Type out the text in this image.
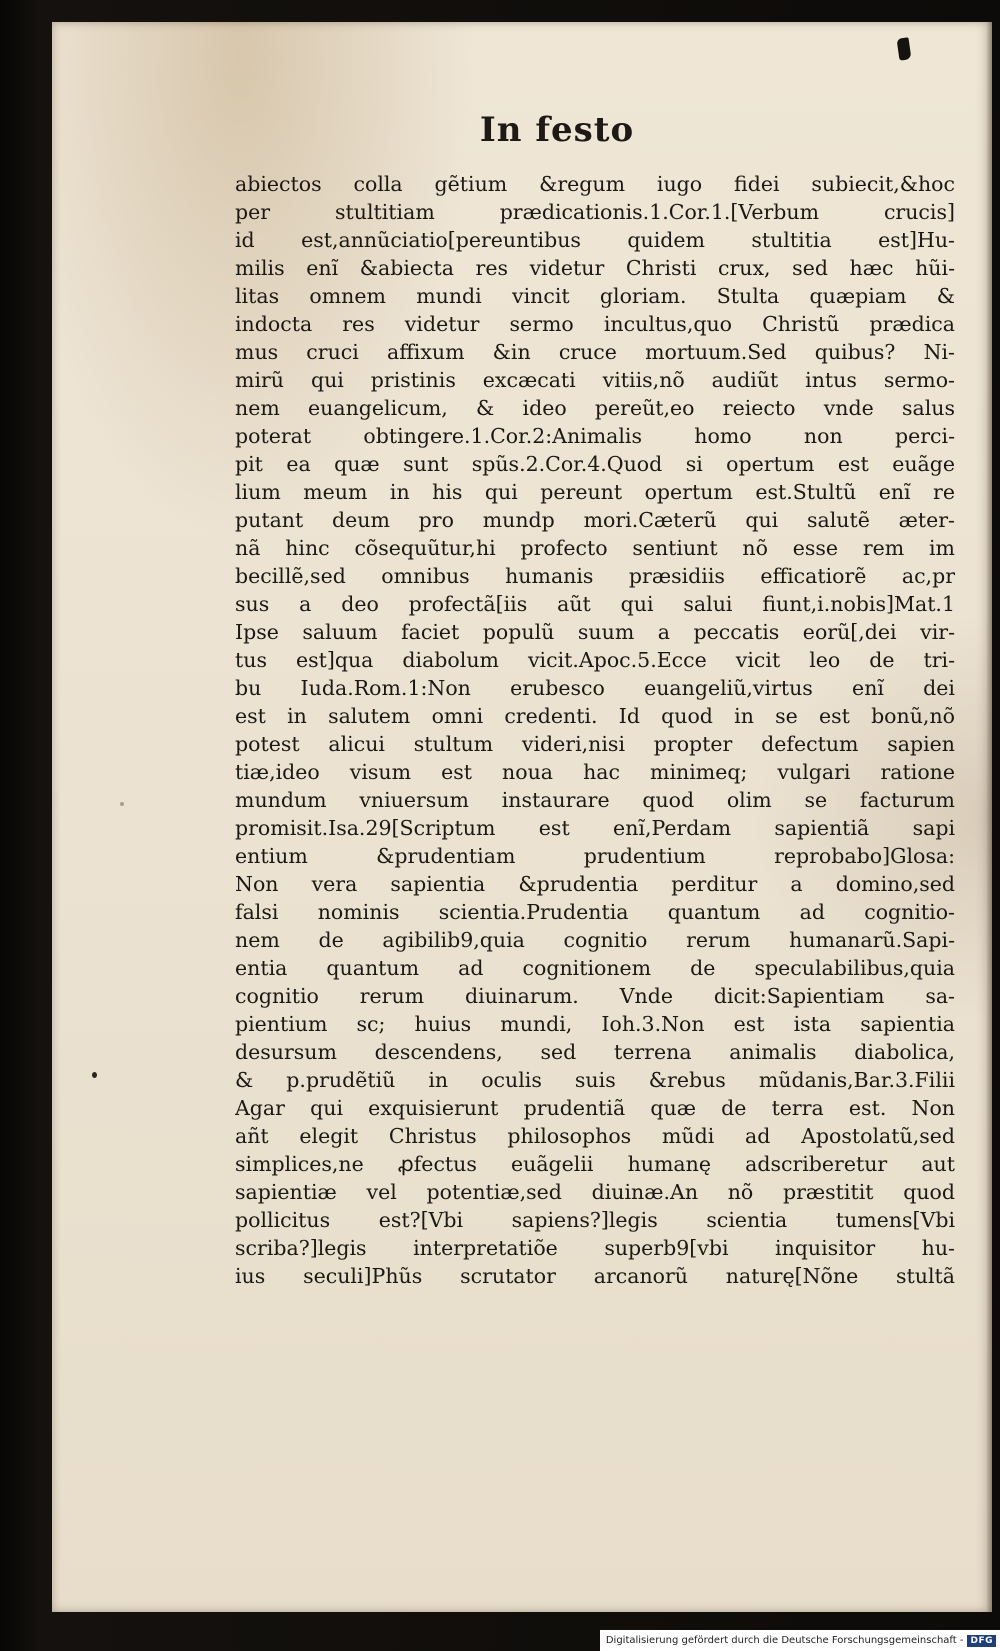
In festo
abiectos colla gẽtium &regum iugo fidei subiecit,&hoc
per stultitiam prædicationis.1.Cor.1.[Verbum crucis]
id est,annũciatio[pereuntibus quidem stultitia est]Hu-
milis enĩ &abiecta res videtur Christi crux, sed hæc hũi-
litas omnem mundi vincit gloriam. Stulta quæpiam &
indocta res videtur sermo incultus,quo Christũ prædica
mus cruci affixum &in cruce mortuum.Sed quibus? Ni-
mirũ qui pristinis excæcati vitiis,nõ audiũt intus sermo-
nem euangelicum, & ideo pereũt,eo reiecto vnde salus
poterat obtingere.1.Cor.2:Animalis homo non perci-
pit ea quæ sunt spũs.2.Cor.4.Quod si opertum est euãge
lium meum in his qui pereunt opertum est.Stultũ enĩ re
putant deum pro mundp mori.Cæterũ qui salutẽ æter-
nã hinc cõsequũtur,hi profecto sentiunt nõ esse rem im
becillẽ,sed omnibus humanis præsidiis efficatiorẽ ac,pr
sus a deo profectã[iis aũt qui salui fiunt,i.nobis]Mat.1
Ipse saluum faciet populũ suum a peccatis eorũ[,dei vir-
tus est]qua diabolum vicit.Apoc.5.Ecce vicit leo de tri-
bu Iuda.Rom.1:Non erubesco euangeliũ,virtus enĩ dei
est in salutem omni credenti. Id quod in se est bonũ,nõ
potest alicui stultum videri,nisi propter defectum sapien
tiæ,ideo visum est noua hac minimeq; vulgari ratione
mundum vniuersum instaurare quod olim se facturum
promisit.Isa.29[Scriptum est enĩ,Perdam sapientiã sapi
entium &prudentiam prudentium reprobabo]Glosa:
Non vera sapientia &prudentia perditur a domino,sed
falsi nominis scientia.Prudentia quantum ad cognitio-
nem de agibilib9,quia cognitio rerum humanarũ.Sapi-
entia quantum ad cognitionem de speculabilibus,quia
cognitio rerum diuinarum. Vnde dicit:Sapientiam sa-
pientium sc; huius mundi, Ioh.3.Non est ista sapientia
desursum descendens, sed terrena animalis diabolica,
& p.prudẽtiũ in oculis suis &rebus mũdanis,Bar.3.Filii
Agar qui exquisierunt prudentiã quæ de terra est. Non
añt elegit Christus philosophos mũdi ad Apostolatũ,sed
simplices,ne ꝓfectus euãgelii humanę adscriberetur aut
sapientiæ vel potentiæ,sed diuinæ.An nõ præstitit quod
pollicitus est?[Vbi sapiens?]legis scientia tumens[Vbi
scriba?]legis interpretatiõe superb9[vbi inquisitor hu-
ius seculi]Phũs scrutator arcanorũ naturę[Nõne stultã
Digitalisierung gefördert durch die Deutsche Forschungsgemeinschaft - DFG
